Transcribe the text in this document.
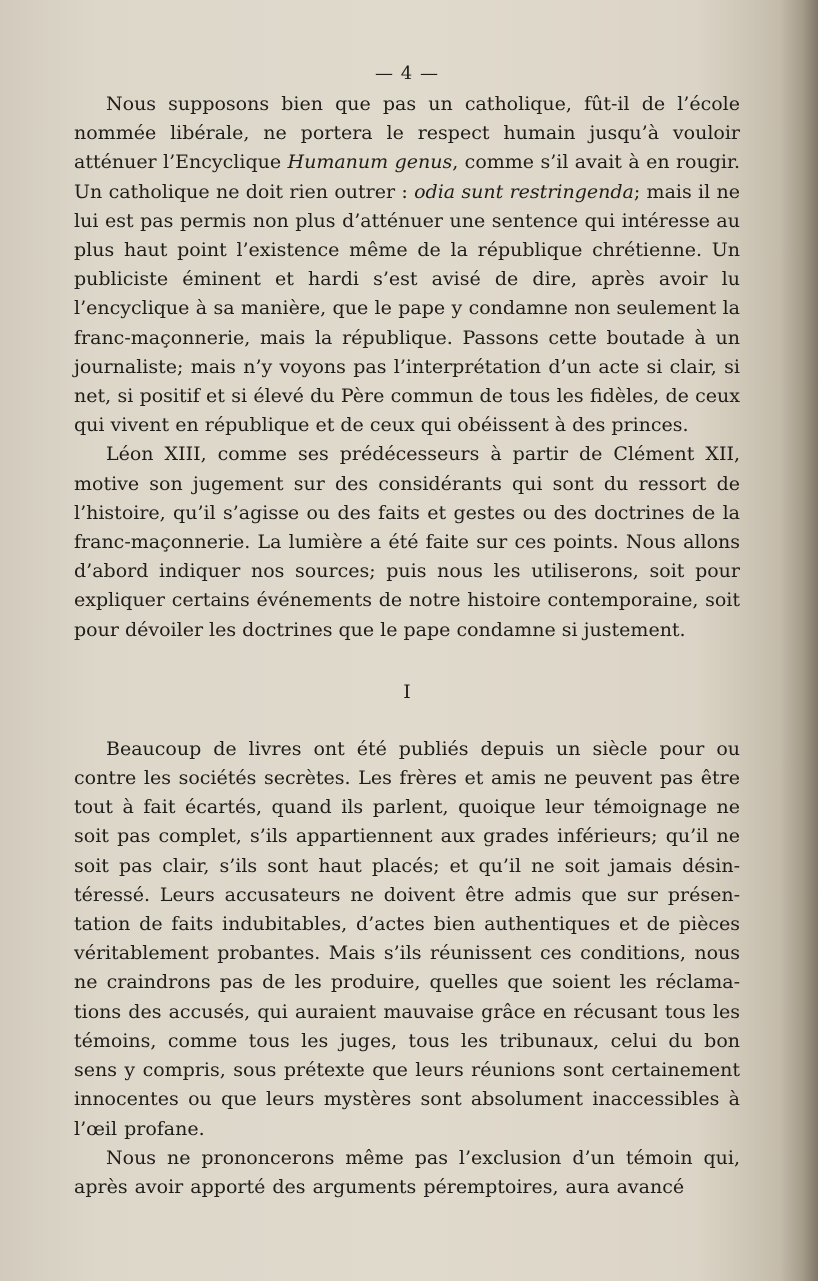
— 4 —

Nous supposons bien que pas un catholique, fût-il de l’école nommée libérale, ne portera le respect humain jusqu’à vouloir atténuer l’Encyclique Humanum genus, comme s’il avait à en rougir. Un catholique ne doit rien outrer : odia sunt restringenda; mais il ne lui est pas permis non plus d’atténuer une sentence qui intéresse au plus haut point l’existence même de la république chrétienne. Un publiciste éminent et hardi s’est avisé de dire, après avoir lu l’encyclique à sa manière, que le pape y condamne non seulement la franc-maçonnerie, mais la république. Passons cette boutade à un journaliste; mais n’y voyons pas l’interprétation d’un acte si clair, si net, si positif et si élevé du Père commun de tous les fidèles, de ceux qui vivent en république et de ceux qui obéissent à des princes.

Léon XIII, comme ses prédécesseurs à partir de Clément XII, motive son jugement sur des considérants qui sont du ressort de l’histoire, qu’il s’agisse ou des faits et gestes ou des doctrines de la franc-maçonnerie. La lumière a été faite sur ces points. Nous allons d’abord indiquer nos sources; puis nous les utiliserons, soit pour expliquer certains événements de notre histoire contemporaine, soit pour dévoiler les doctrines que le pape condamne si justement.

I

Beaucoup de livres ont été publiés depuis un siècle pour ou contre les sociétés secrètes. Les frères et amis ne peuvent pas être tout à fait écartés, quand ils parlent, quoique leur témoignage ne soit pas complet, s’ils appartiennent aux grades inférieurs; qu’il ne soit pas clair, s’ils sont haut placés; et qu’il ne soit jamais désintéressé. Leurs accusateurs ne doivent être admis que sur présentation de faits indubitables, d’actes bien authentiques et de pièces véritablement probantes. Mais s’ils réunissent ces conditions, nous ne craindrons pas de les produire, quelles que soient les réclamations des accusés, qui auraient mauvaise grâce en récusant tous les témoins, comme tous les juges, tous les tribunaux, celui du bon sens y compris, sous prétexte que leurs réunions sont certainement innocentes ou que leurs mystères sont absolument inaccessibles à l’œil profane.

Nous ne prononcerons même pas l’exclusion d’un témoin qui, après avoir apporté des arguments péremptoires, aura avancé
